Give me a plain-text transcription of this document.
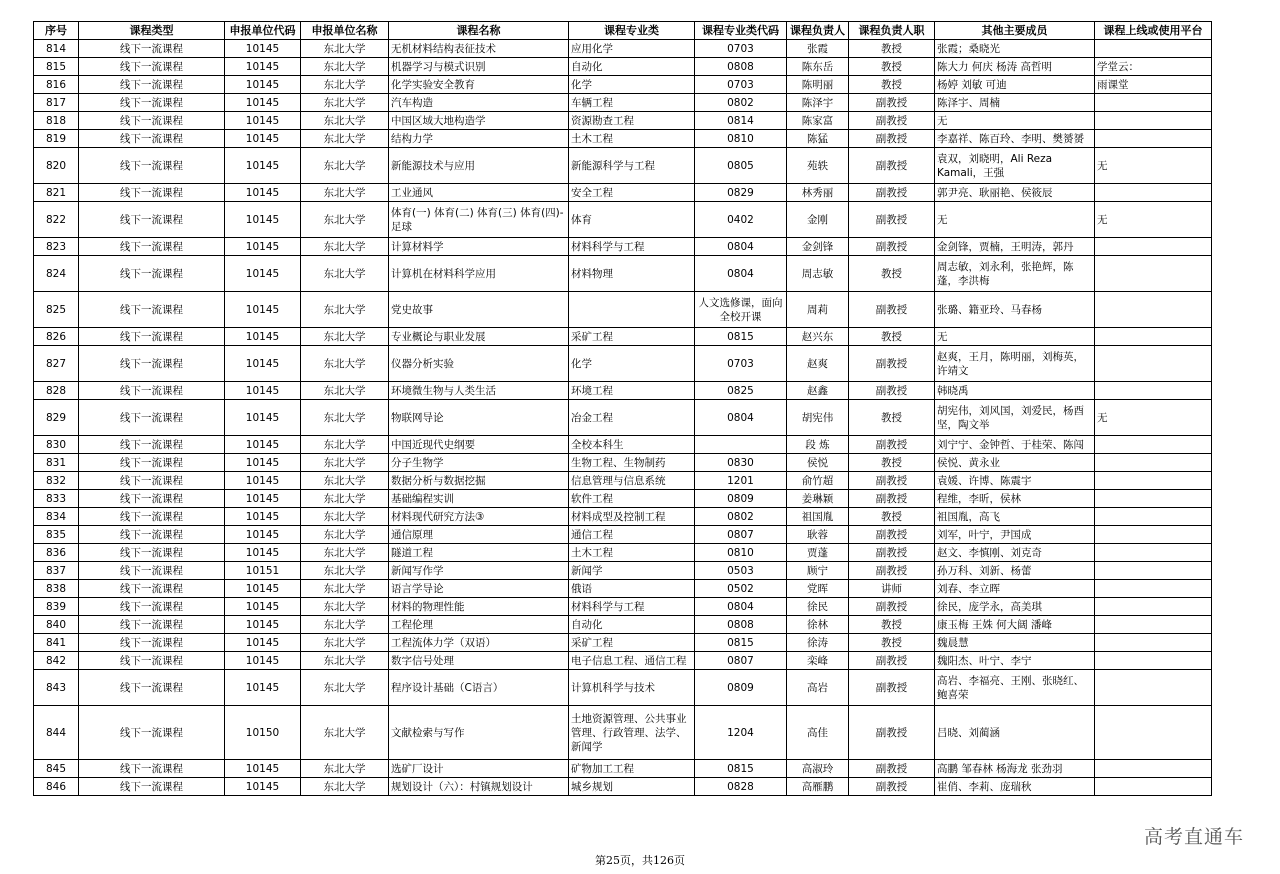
序号	课程类型	申报单位代码	申报单位名称	课程名称	课程专业类	课程专业类代码	课程负责人	课程负责人职	其他主要成员	课程上线或使用平台
814	线下一流课程	10145	东北大学	无机材料结构表征技术	应用化学	0703	张霞	教授	张霞；桑晓光	
815	线下一流课程	10145	东北大学	机器学习与模式识别	自动化	0808	陈东岳	教授	陈大力 何庆 杨涛 高哲明	学堂云：
816	线下一流课程	10145	东北大学	化学实验安全教育	化学	0703	陈明丽	教授	杨婷 刘敏 可迪	雨课堂
817	线下一流课程	10145	东北大学	汽车构造	车辆工程	0802	陈泽宇	副教授	陈泽宇、周楠	
818	线下一流课程	10145	东北大学	中国区域大地构造学	资源勘查工程	0814	陈家富	副教授	无	
819	线下一流课程	10145	东北大学	结构力学	土木工程	0810	陈猛	副教授	李嘉祥、陈百玲、李明、樊赟赟	
820	线下一流课程	10145	东北大学	新能源技术与应用	新能源科学与工程	0805	苑轶	副教授	袁双，刘晓明，Ali Reza Kamali，王强	无
821	线下一流课程	10145	东北大学	工业通风	安全工程	0829	林秀丽	副教授	郭尹亮、耿丽艳、侯筱辰	
822	线下一流课程	10145	东北大学	体育(一) 体育(二) 体育(三) 体育(四)-足球	体育	0402	金刚	副教授	无	无
823	线下一流课程	10145	东北大学	计算材料学	材料科学与工程	0804	金剑锋	副教授	金剑锋，贾楠，王明涛，郭丹	
824	线下一流课程	10145	东北大学	计算机在材料科学应用	材料物理	0804	周志敏	教授	周志敏，刘永利，张艳辉，陈蓬，李洪梅	
825	线下一流课程	10145	东北大学	党史故事		人文选修课，面向全校开课	周莉	副教授	张璐、籍亚玲、马春杨	
826	线下一流课程	10145	东北大学	专业概论与职业发展	采矿工程	0815	赵兴东	教授	无	
827	线下一流课程	10145	东北大学	仪器分析实验	化学	0703	赵爽	副教授	赵爽，王月，陈明丽，刘梅英，许靖文	
828	线下一流课程	10145	东北大学	环境微生物与人类生活	环境工程	0825	赵鑫	副教授	韩晓禹	
829	线下一流课程	10145	东北大学	物联网导论	冶金工程	0804	胡宪伟	教授	胡宪伟，刘风国，刘爱民，杨酉坚，陶文举	无
830	线下一流课程	10145	东北大学	中国近现代史纲要	全校本科生		段 炼	副教授	刘宁宁、金钟哲、于桂荣、陈闯	
831	线下一流课程	10145	东北大学	分子生物学	生物工程、生物制药	0830	侯悦	教授	侯悦、黄永业	
832	线下一流课程	10145	东北大学	数据分析与数据挖掘	信息管理与信息系统	1201	俞竹超	副教授	袁媛、许博、陈震宇	
833	线下一流课程	10145	东北大学	基础编程实训	软件工程	0809	姜琳颖	副教授	程维，李昕，侯林	
834	线下一流课程	10145	东北大学	材料现代研究方法③	材料成型及控制工程	0802	祖国胤	教授	祖国胤，高飞	
835	线下一流课程	10145	东北大学	通信原理	通信工程	0807	耿蓉	副教授	刘军，叶宁，尹国成	
836	线下一流课程	10145	东北大学	隧道工程	土木工程	0810	贾蓬	副教授	赵文、李慎刚、刘克奇	
837	线下一流课程	10151	东北大学	新闻写作学	新闻学	0503	顾宁	副教授	孙万科、刘新、杨蕾	
838	线下一流课程	10145	东北大学	语言学导论	俄语	0502	党晖	讲师	刘春、李立晖	
839	线下一流课程	10145	东北大学	材料的物理性能	材料科学与工程	0804	徐民	副教授	徐民，庞学永，高美琪	
840	线下一流课程	10145	东北大学	工程伦理	自动化	0808	徐林	教授	康玉梅 王姝 何大阔 潘峰	
841	线下一流课程	10145	东北大学	工程流体力学（双语）	采矿工程	0815	徐涛	教授	魏晨慧	
842	线下一流课程	10145	东北大学	数字信号处理	电子信息工程、通信工程	0807	栾峰	副教授	魏阳杰、叶宁、李宁	
843	线下一流课程	10145	东北大学	程序设计基础（C语言）	计算机科学与技术	0809	高岩	副教授	高岩、李福亮、王刚、张晓红、鲍喜荣	
844	线下一流课程	10150	东北大学	文献检索与写作	土地资源管理、公共事业管理、行政管理、法学、新闻学	1204	高佳	副教授	吕晓、刘蔺涵	
845	线下一流课程	10145	东北大学	选矿厂设计	矿物加工工程	0815	高淑玲	副教授	高鹏 邹春林 杨海龙 张劲羽	
846	线下一流课程	10145	东北大学	规划设计（六）：村镇规划设计	城乡规划	0828	高雁鹏	副教授	崔俏、李莉、庞瑞秋	
高考直通车
第25页，共126页
